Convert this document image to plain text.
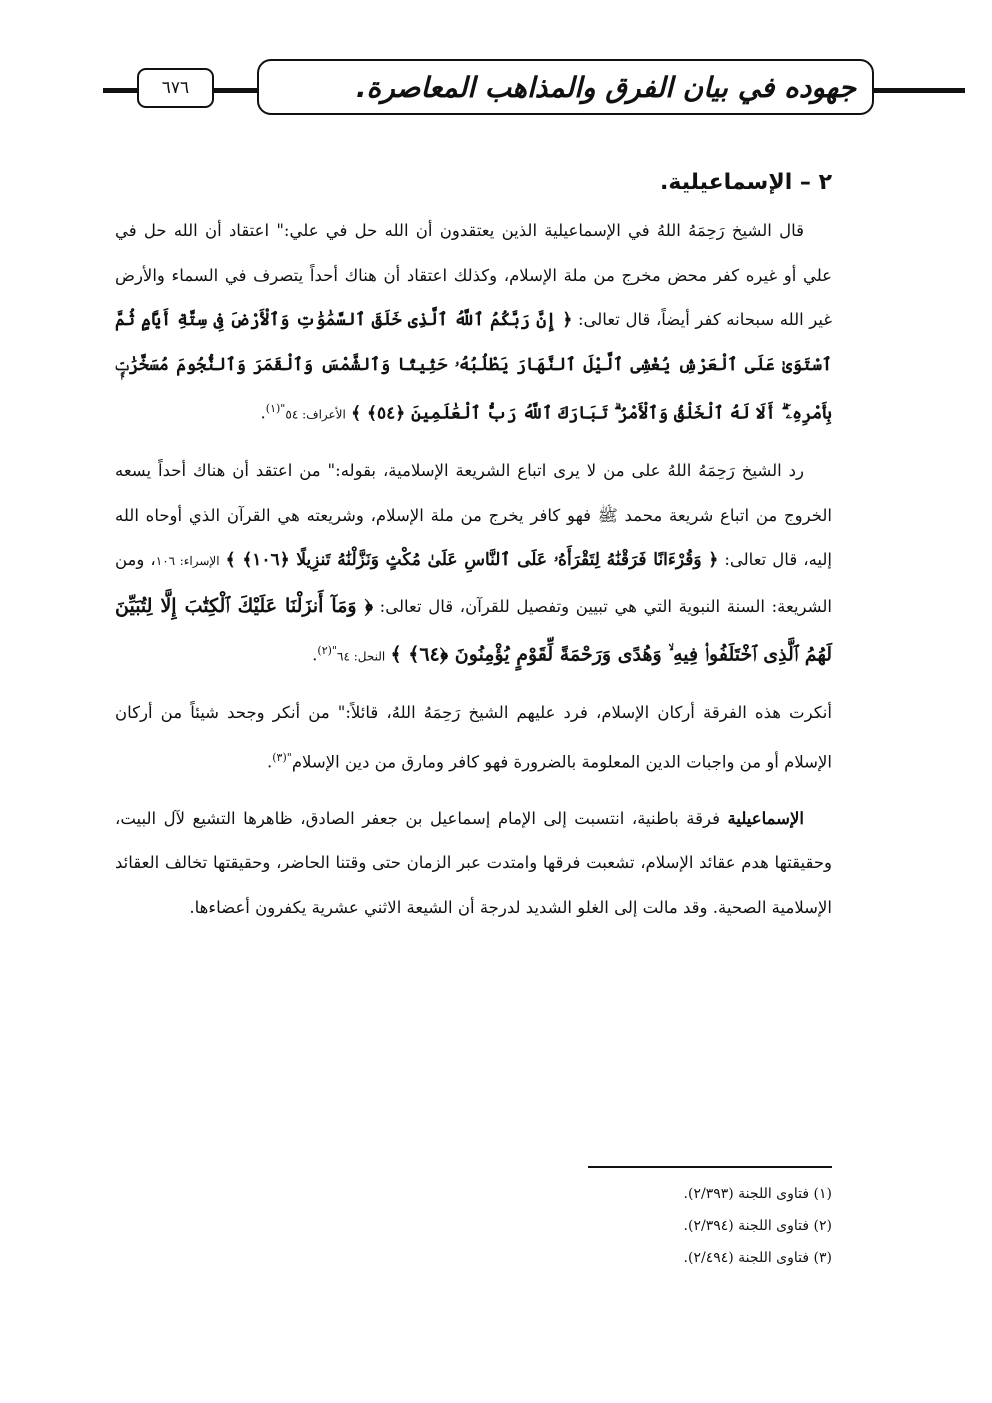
٦٧٦	جهوده في بيان الفرق والمذاهب المعاصرة.
٢ – الإسماعيلية.

قال الشيخ رَحِمَهُ اللهُ في الإسماعيلية الذين يعتقدون أن الله حل في علي:" اعتقاد أن الله حل في علي أو غيره كفر محض مخرج من ملة الإسلام، وكذلك اعتقاد أن هناك أحداً يتصرف في السماء والأرض غير الله سبحانه كفر أيضاً، قال تعالى: ﴿ إِنَّ رَبَّكُمُ ٱللَّهُ ٱلَّذِى خَلَقَ ٱلسَّمَٰوَٰتِ وَٱلْأَرْضَ فِى سِتَّةِ أَيَّامٍ ثُمَّ ٱسْتَوَىٰ عَلَى ٱلْعَرْشِ يُغْشِى ٱلَّيْلَ ٱلنَّهَارَ يَطْلُبُهُۥ حَثِيثًا وَٱلشَّمْسَ وَٱلْقَمَرَ وَٱلنُّجُومَ مُسَخَّرَٰتٍۭ بِأَمْرِهِۦٓ ۗ أَلَا لَهُ ٱلْخَلْقُ وَٱلْأَمْرُ ۗ تَبَارَكَ ٱللَّهُ رَبُّ ٱلْعَٰلَمِينَ ﴿٥٤﴾ ﴾ الأعراف: $٥٤^{"(١)}$.

رد الشيخ رَحِمَهُ اللهُ على من لا يرى اتباع الشريعة الإسلامية، بقوله:" من اعتقد أن هناك أحداً يسعه الخروج من اتباع شريعة محمد ﷺ فهو كافر يخرج من ملة الإسلام، وشريعته هي القرآن الذي أوحاه الله إليه، قال تعالى: ﴿ وَقُرْءَانًا فَرَقْنَٰهُ لِتَقْرَأَهُۥ عَلَى ٱلنَّاسِ عَلَىٰ مُكْثٍ وَنَزَّلْنَٰهُ تَنزِيلًا ﴿١٠٦﴾ ﴾ الإسراء: ١٠٦، ومن الشريعة: السنة النبوية التي هي تبيين وتفصيل للقرآن، قال تعالى: ﴿ وَمَآ أَنزَلْنَا عَلَيْكَ ٱلْكِتَٰبَ إِلَّا لِتُبَيِّنَ لَهُمُ ٱلَّذِى ٱخْتَلَفُوا۟ فِيهِ ۙ وَهُدًى وَرَحْمَةً لِّقَوْمٍ يُؤْمِنُونَ ﴿٦٤﴾ ﴾ النحل: $٦٤^{"(٢)}$.

أنكرت هذه الفرقة أركان الإسلام، فرد عليهم الشيخ رَحِمَهُ اللهُ، قائلاً:" من أنكر وجحد شيئاً من أركان الإسلام أو من واجبات الدين المعلومة بالضرورة فهو كافر ومارق من دين الإسلام$^{"(٣)}$.

الإسماعيلية فرقة باطنية، انتسبت إلى الإمام إسماعيل بن جعفر الصادق، ظاهرها التشيع لآل البيت، وحقيقتها هدم عقائد الإسلام، تشعبت فرقها وامتدت عبر الزمان حتى وقتنا الحاضر، وحقيقتها تخالف العقائد الإسلامية الصحية. وقد مالت إلى الغلو الشديد لدرجة أن الشيعة الاثني عشرية يكفرون أعضاءها.

(١) فتاوى اللجنة (٢/٣٩٣).

(٢) فتاوى اللجنة (٢/٣٩٤).

(٣) فتاوى اللجنة (٢/٤٩٤).
